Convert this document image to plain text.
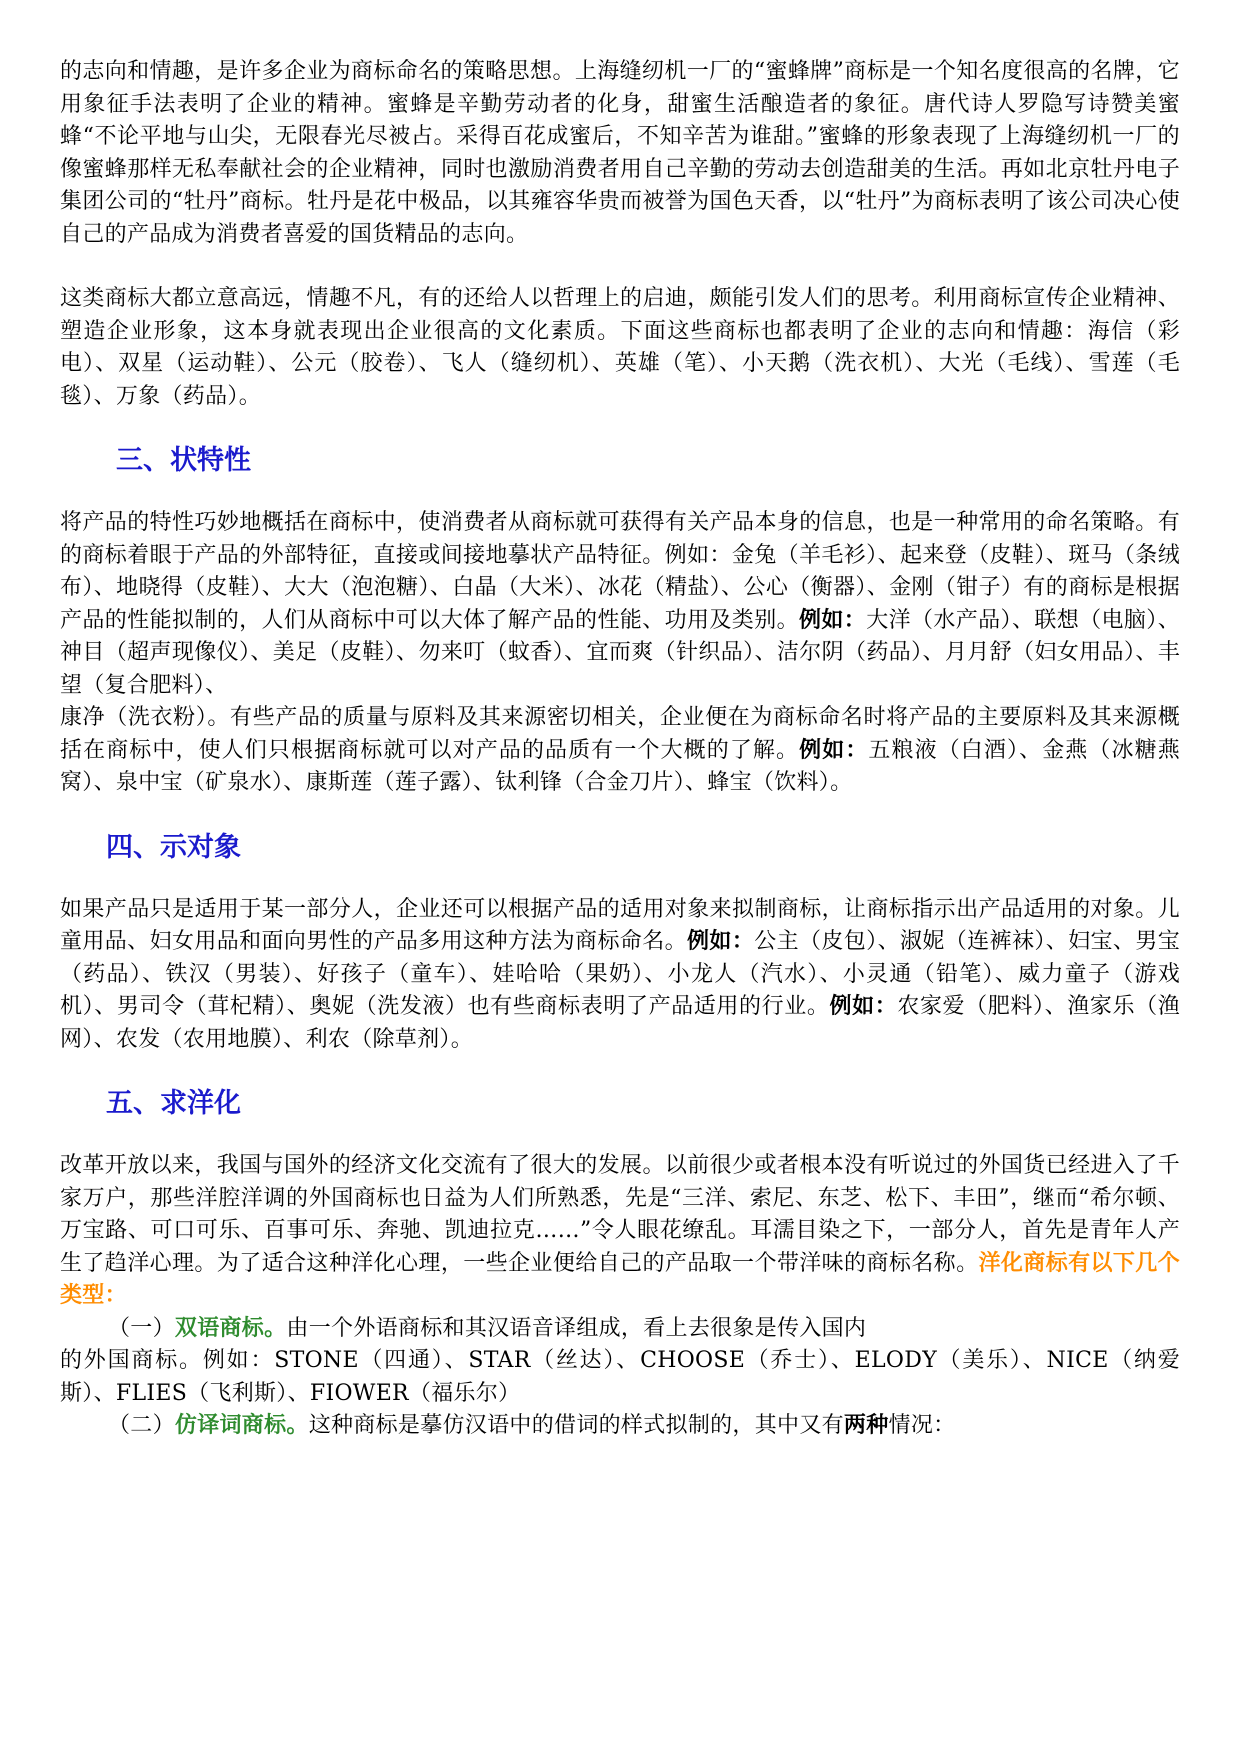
的志向和情趣，是许多企业为商标命名的策略思想。上海缝纫机一厂的“蜜蜂牌”商标是一个知名度很高的名牌，它用象征手法表明了企业的精神。蜜蜂是辛勤劳动者的化身，甜蜜生活酿造者的象征。唐代诗人罗隐写诗赞美蜜蜂“不论平地与山尖，无限春光尽被占。采得百花成蜜后，不知辛苦为谁甜。”蜜蜂的形象表现了上海缝纫机一厂的像蜜蜂那样无私奉献社会的企业精神，同时也激励消费者用自己辛勤的劳动去创造甜美的生活。再如北京牡丹电子集团公司的“牡丹”商标。牡丹是花中极品，以其雍容华贵而被誉为国色天香，以“牡丹”为商标表明了该公司决心使自己的产品成为消费者喜爱的国货精品的志向。

这类商标大都立意高远，情趣不凡，有的还给人以哲理上的启迪，颇能引发人们的思考。利用商标宣传企业精神、塑造企业形象，这本身就表现出企业很高的文化素质。下面这些商标也都表明了企业的志向和情趣：海信（彩电）、双星（运动鞋）、公元（胶卷）、飞人（缝纫机）、英雄（笔）、小天鹅（洗衣机）、大光（毛线）、雪莲（毛毯）、万象（药品）。

三、状特性

将产品的特性巧妙地概括在商标中，使消费者从商标就可获得有关产品本身的信息，也是一种常用的命名策略。有的商标着眼于产品的外部特征，直接或间接地摹状产品特征。例如：金兔（羊毛衫）、起来登（皮鞋）、斑马（条绒布）、地晓得（皮鞋）、大大（泡泡糖）、白晶（大米）、冰花（精盐）、公心（衡器）、金刚（钳子）有的商标是根据产品的性能拟制的，人们从商标中可以大体了解产品的性能、功用及类别。例如：大洋（水产品）、联想（电脑）、神目（超声现像仪）、美足（皮鞋）、勿来叮（蚊香）、宜而爽（针织品）、洁尔阴（药品）、月月舒（妇女用品）、丰望（复合肥料）、

康净（洗衣粉）。有些产品的质量与原料及其来源密切相关，企业便在为商标命名时将产品的主要原料及其来源概括在商标中，使人们只根据商标就可以对产品的品质有一个大概的了解。例如：五粮液（白酒）、金燕（冰糖燕窝）、泉中宝（矿泉水）、康斯莲（莲子露）、钛利锋（合金刀片）、蜂宝（饮料）。

四、示对象

如果产品只是适用于某一部分人，企业还可以根据产品的适用对象来拟制商标，让商标指示出产品适用的对象。儿童用品、妇女用品和面向男性的产品多用这种方法为商标命名。例如：公主（皮包）、淑妮（连裤袜）、妇宝、男宝（药品）、铁汉（男装）、好孩子（童车）、娃哈哈（果奶）、小龙人（汽水）、小灵通（铅笔）、威力童子（游戏机）、男司令（茸杞精）、奥妮（洗发液）也有些商标表明了产品适用的行业。例如：农家爱（肥料）、渔家乐（渔网）、农发（农用地膜）、利农（除草剂）。

五、求洋化

改革开放以来，我国与国外的经济文化交流有了很大的发展。以前很少或者根本没有听说过的外国货已经进入了千家万户，那些洋腔洋调的外国商标也日益为人们所熟悉，先是“三洋、索尼、东芝、松下、丰田”，继而“希尔顿、万宝路、可口可乐、百事可乐、奔驰、凯迪拉克……”令人眼花缭乱。耳濡目染之下，一部分人，首先是青年人产生了趋洋心理。为了适合这种洋化心理，一些企业便给自己的产品取一个带洋味的商标名称。洋化商标有以下几个类型：

（一）双语商标。由一个外语商标和其汉语音译组成，看上去很象是传入国内
的外国商标。例如：STONE（四通）、STAR（丝达）、CHOOSE（乔士）、ELODY（美乐）、NICE（纳爱斯）、FLIES（飞利斯）、FIOWER（福乐尔）

（二）仿译词商标。这种商标是摹仿汉语中的借词的样式拟制的，其中又有两种情况：
